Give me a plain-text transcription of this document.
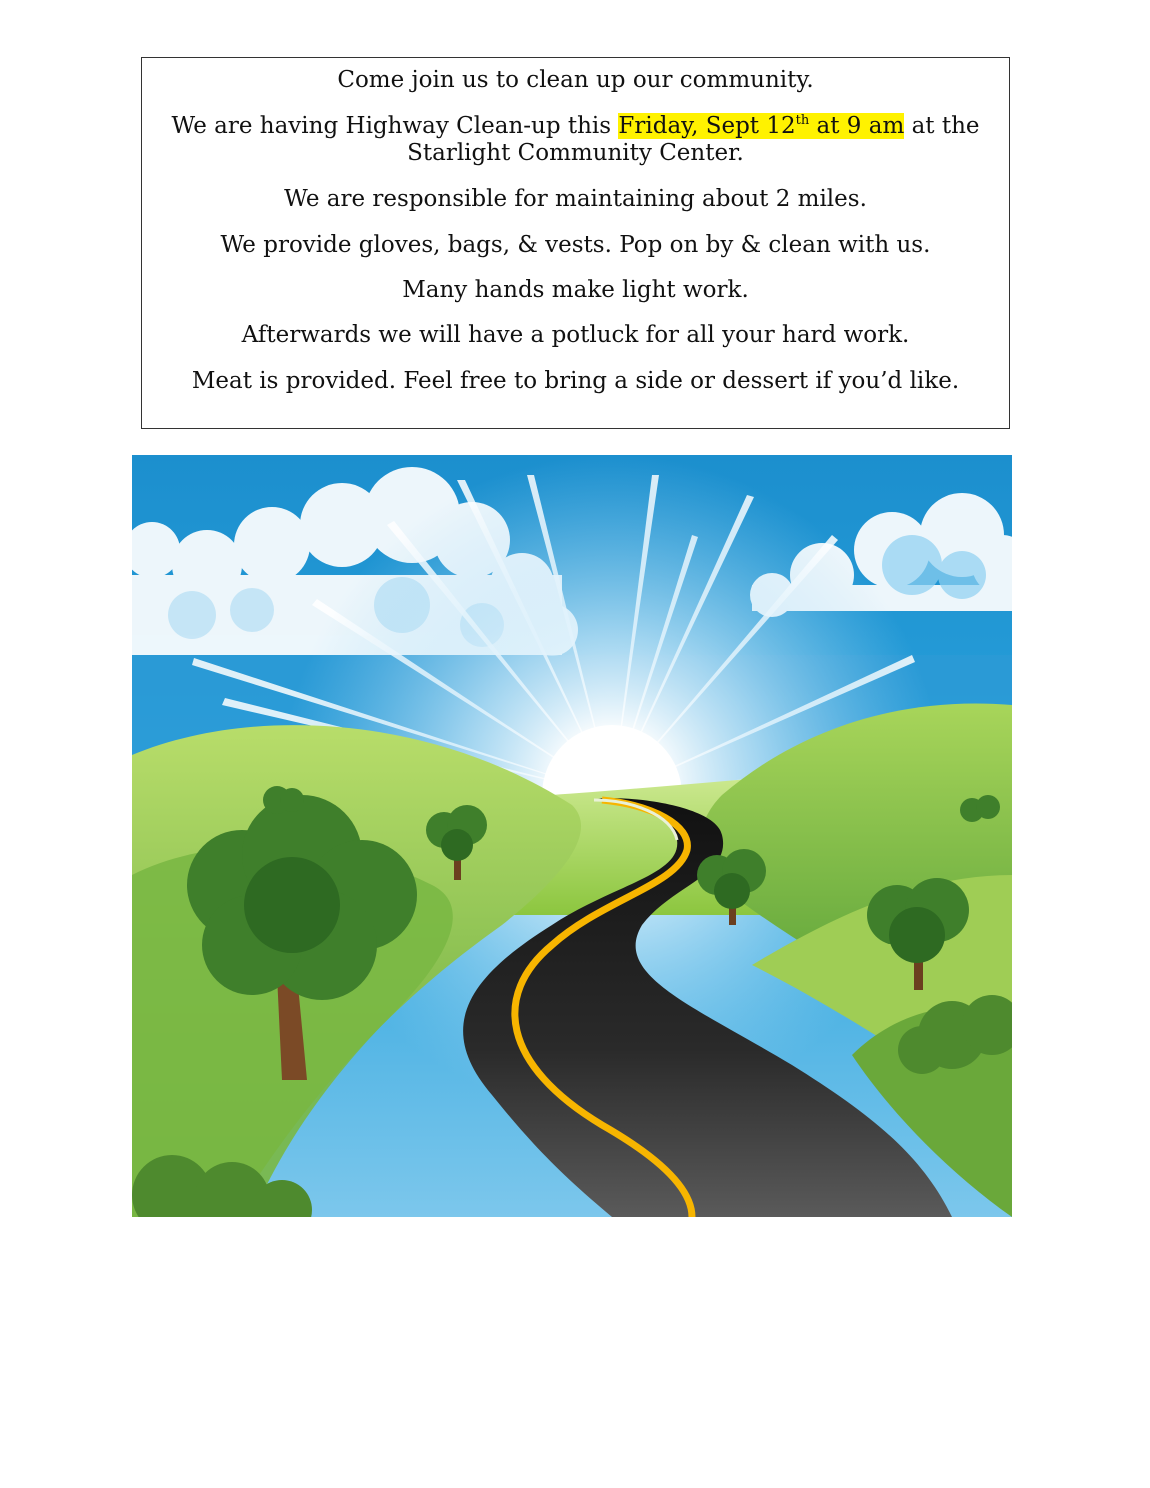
Come join us to clean up our community.
We are having Highway Clean-up this Friday, Sept 12th at 9 am at the
Starlight Community Center.
We are responsible for maintaining about 2 miles.
We provide gloves, bags, & vests. Pop on by & clean with us.
Many hands make light work.
Afterwards we will have a potluck for all your hard work.
Meat is provided. Feel free to bring a side or dessert if you’d like.
